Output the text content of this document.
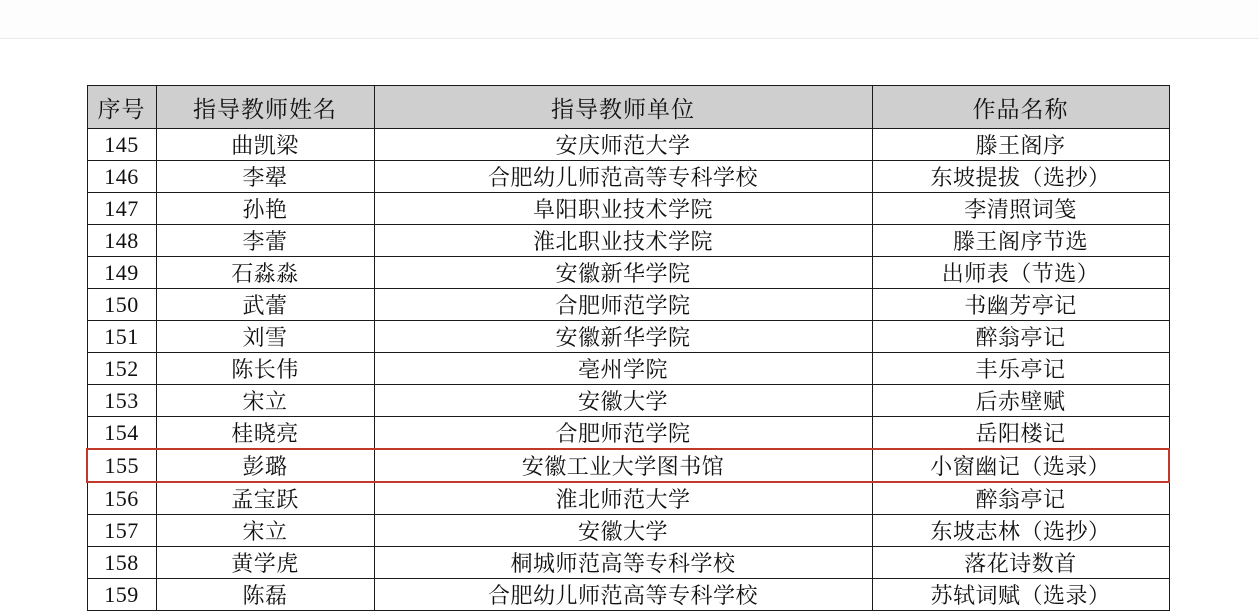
序号	指导教师姓名	指导教师单位	作品名称
145	曲凯梁	安庆师范大学	滕王阁序
146	李翚	合肥幼儿师范高等专科学校	东坡提拔（选抄）
147	孙艳	阜阳职业技术学院	李清照词笺
148	李蕾	淮北职业技术学院	滕王阁序节选
149	石淼淼	安徽新华学院	出师表（节选）
150	武蕾	合肥师范学院	书幽芳亭记
151	刘雪	安徽新华学院	醉翁亭记
152	陈长伟	亳州学院	丰乐亭记
153	宋立	安徽大学	后赤壁赋
154	桂晓亮	合肥师范学院	岳阳楼记
155	彭璐	安徽工业大学图书馆	小窗幽记（选录）
156	孟宝跃	淮北师范大学	醉翁亭记
157	宋立	安徽大学	东坡志林（选抄）
158	黄学虎	桐城师范高等专科学校	落花诗数首
159	陈磊	合肥幼儿师范高等专科学校	苏轼词赋（选录）
